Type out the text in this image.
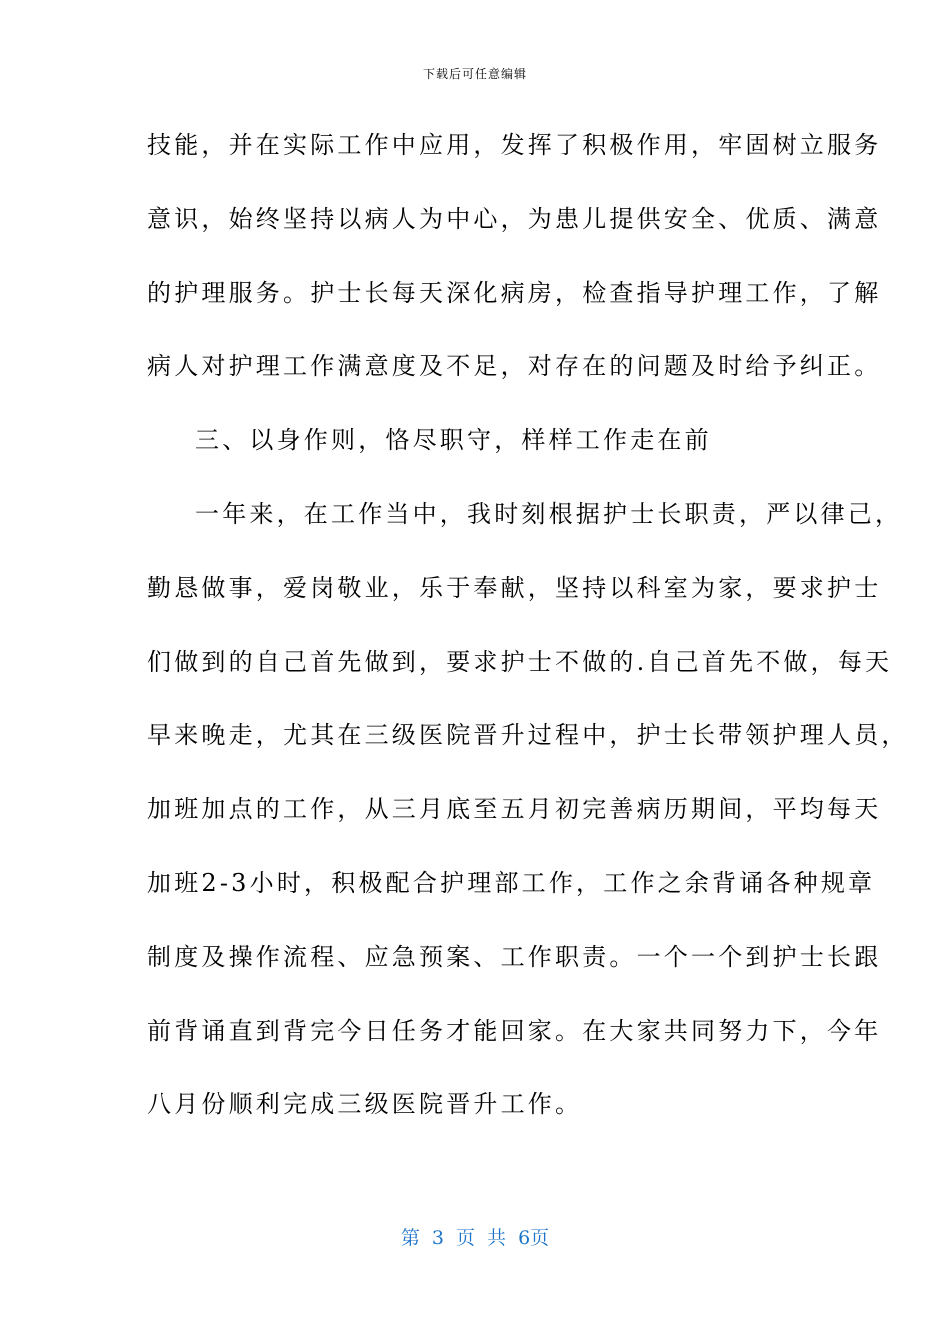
下载后可任意编辑
技能，并在实际工作中应用，发挥了积极作用，牢固树立服务
意识，始终坚持以病人为中心，为患儿提供安全、优质、满意
的护理服务。护士长每天深化病房，检查指导护理工作，了解
病人对护理工作满意度及不足，对存在的问题及时给予纠正。
三、以身作则，恪尽职守，样样工作走在前
一年来，在工作当中，我时刻根据护士长职责，严以律己，
勤恳做事，爱岗敬业，乐于奉献，坚持以科室为家，要求护士
们做到的自己首先做到，要求护士不做的.自己首先不做，每天
早来晚走，尤其在三级医院晋升过程中，护士长带领护理人员，
加班加点的工作，从三月底至五月初完善病历期间，平均每天
加班2-3小时，积极配合护理部工作，工作之余背诵各种规章
制度及操作流程、应急预案、工作职责。一个一个到护士长跟
前背诵直到背完今日任务才能回家。在大家共同努力下，今年
八月份顺利完成三级医院晋升工作。
第 3 页 共 6页
